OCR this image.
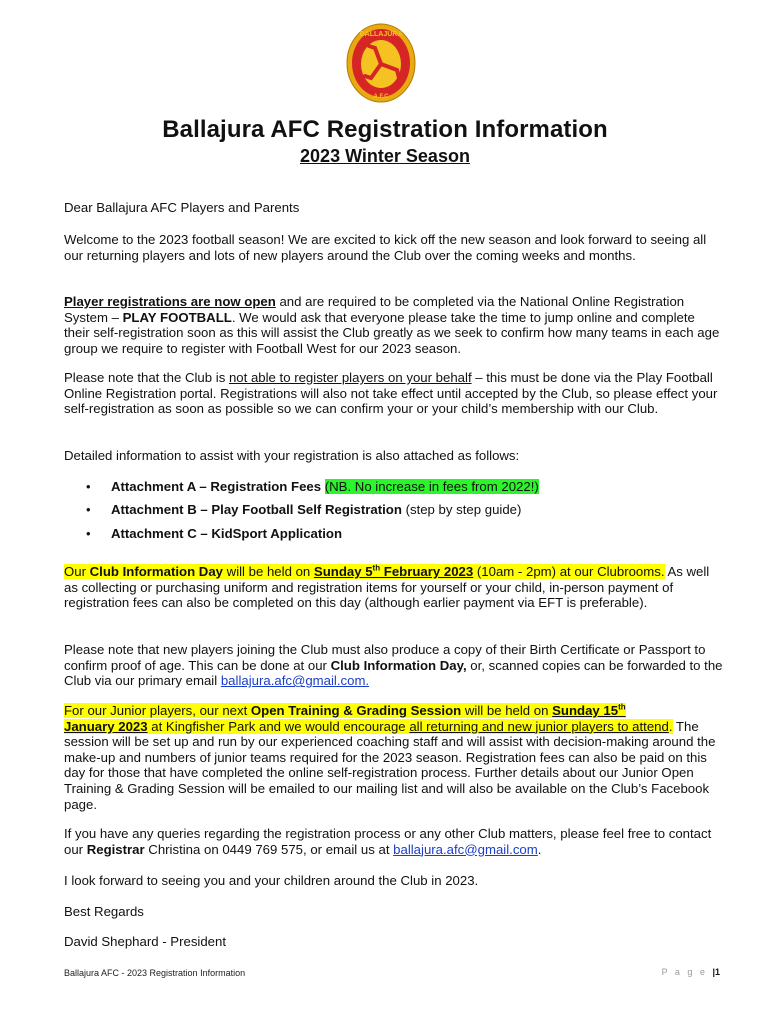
BALLAJURA
A.F.C
Ballajura AFC Registration Information
2023 Winter Season

Dear Ballajura AFC Players and Parents

Welcome to the 2023 football season! We are excited to kick off the new season and look forward to seeing all our returning players and lots of new players around the Club over the coming weeks and months.

Player registrations are now open and are required to be completed via the National Online Registration System – PLAY FOOTBALL. We would ask that everyone please take the time to jump online and complete their self-registration soon as this will assist the Club greatly as we seek to confirm how many teams in each age group we require to register with Football West for our 2023 season.

Please note that the Club is not able to register players on your behalf – this must be done via the Play Football Online Registration portal. Registrations will also not take effect until accepted by the Club, so please effect your self-registration as soon as possible so we can confirm your or your child’s membership with our Club.

Detailed information to assist with your registration is also attached as follows:

• Attachment A – Registration Fees (NB. No increase in fees from 2022!)
• Attachment B – Play Football Self Registration (step by step guide)
• Attachment C – KidSport Application

Our Club Information Day will be held on Sunday 5th February 2023 (10am - 2pm) at our Clubrooms. As well as collecting or purchasing uniform and registration items for yourself or your child, in-person payment of registration fees can also be completed on this day (although earlier payment via EFT is preferable).

Please note that new players joining the Club must also produce a copy of their Birth Certificate or Passport to confirm proof of age. This can be done at our Club Information Day, or, scanned copies can be forwarded to the Club via our primary email ballajura.afc@gmail.com.

For our Junior players, our next Open Training & Grading Session will be held on Sunday 15th
January 2023 at Kingfisher Park and we would encourage all returning and new junior players to attend. The session will be set up and run by our experienced coaching staff and will assist with decision-making around the make-up and numbers of junior teams required for the 2023 season. Registration fees can also be paid on this day for those that have completed the online self-registration process. Further details about our Junior Open Training & Grading Session will be emailed to our mailing list and will also be available on the Club’s Facebook page.

If you have any queries regarding the registration process or any other Club matters, please feel free to contact our Registrar Christina on 0449 769 575, or email us at ballajura.afc@gmail.com.

I look forward to seeing you and your children around the Club in 2023.

Best Regards

David Shephard - President

Ballajura AFC - 2023 Registration Information	P a g e |1
